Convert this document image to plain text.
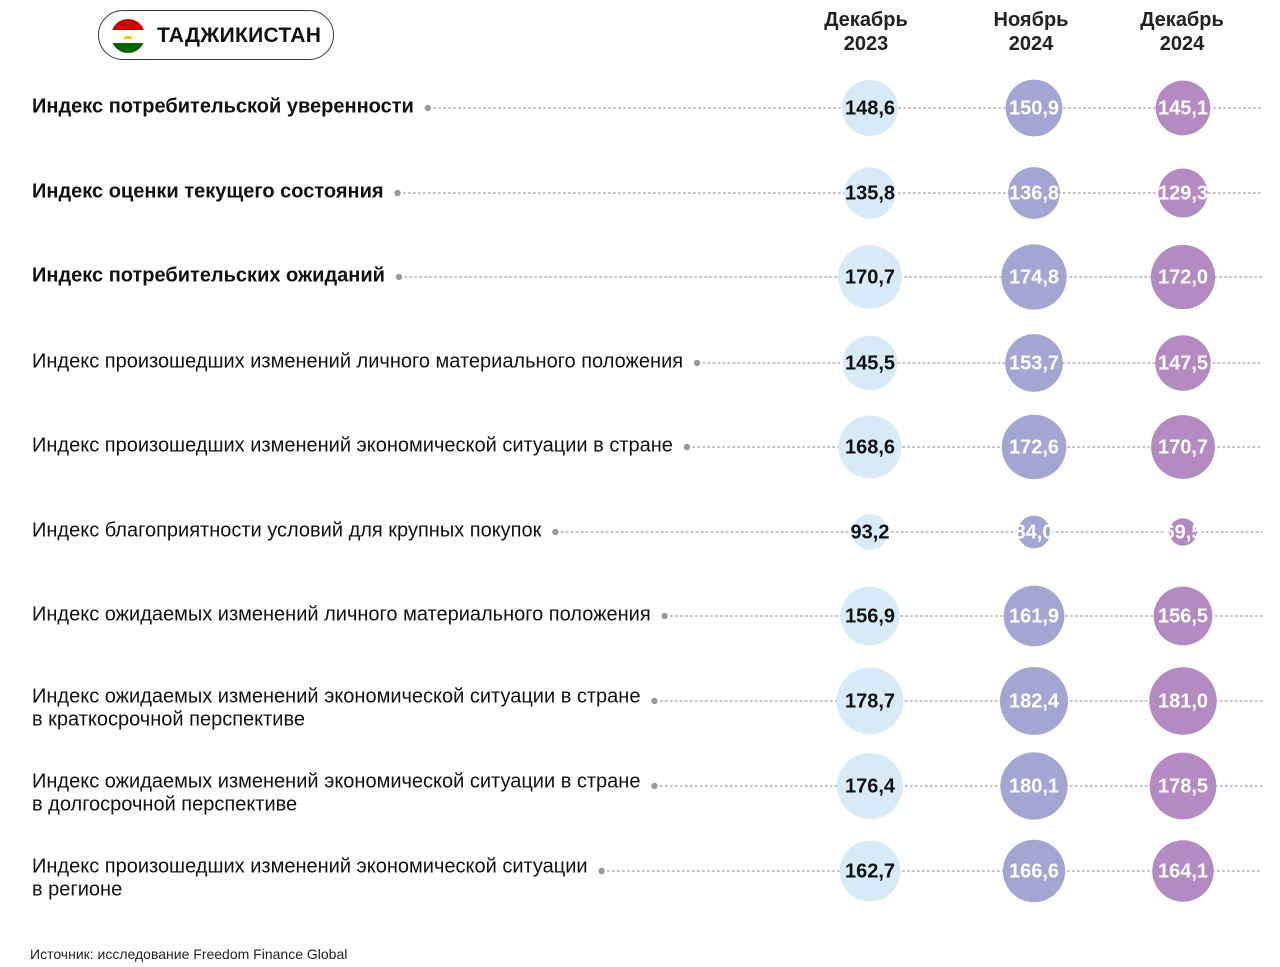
ТАДЖИКИСТАН
Декабрь
2023
Ноябрь
2024
Декабрь
2024
Индекс потребительской уверенности	148,6	150,9	145,1
Индекс оценки текущего состояния	135,8	136,8	129,3
Индекс потребительских ожиданий	170,7	174,8	172,0
Индекс произошедших изменений личного материального положения	145,5	153,7	147,5
Индекс произошедших изменений экономической ситуации в стране	168,6	172,6	170,7
Индекс благоприятности условий для крупных покупок	93,2	84,0	69,5
Индекс ожидаемых изменений личного материального положения	156,9	161,9	156,5
Индекс ожидаемых изменений экономической ситуации в стране
в краткосрочной перспективе
178,7	182,4	181,0
Индекс ожидаемых изменений экономической ситуации в стране
в долгосрочной перспективе
176,4	180,1	178,5
Индекс произошедших изменений экономической ситуации
в регионе
162,7	166,6	164,1
Источник: исследование Freedom Finance Global
